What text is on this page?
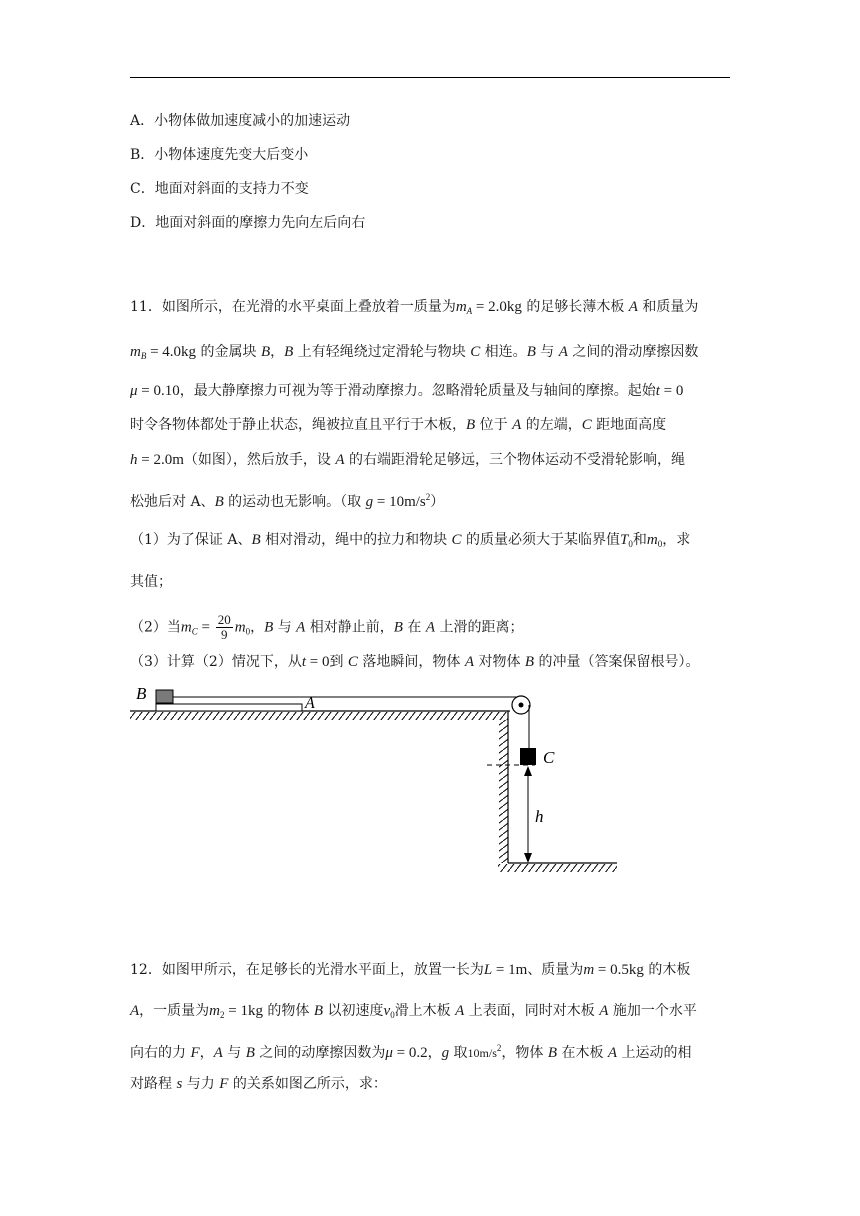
A．小物体做加速度减小的加速运动
B．小物体速度先变大后变小
C．地面对斜面的支持力不变
D．地面对斜面的摩擦力先向左后向右
11．如图所示，在光滑的水平桌面上叠放着一质量为$m_A = 2.0kg$ 的足够长薄木板 A 和质量为
$m_B = 4.0kg$ 的金属块 B，B 上有轻绳绕过定滑轮与物块 C 相连。B 与 A 之间的滑动摩擦因数
μ = 0.10，最大静摩擦力可视为等于滑动摩擦力。忽略滑轮质量及与轴间的摩擦。起始t = 0
时令各物体都处于静止状态，绳被拉直且平行于木板，B 位于 A 的左端，C 距地面高度
h = 2.0m（如图），然后放手，设 A 的右端距滑轮足够远，三个物体运动不受滑轮影响，绳
松弛后对 A、B 的运动也无影响。（取 $g = 10m/s^2$）
（1）为了保证 A、B 相对滑动，绳中的拉力和物块 C 的质量必须大于某临界值$T_0$和$m_0$，求
其值；
（2）当$m_C = \frac{20}{9} m_0$，B 与 A 相对静止前，B 在 A 上滑的距离；
（3）计算（2）情况下，从t = 0到 C 落地瞬间，物体 A 对物体 B 的冲量（答案保留根号）。
B
A
C
h
12．如图甲所示，在足够长的光滑水平面上，放置一长为L = 1m、质量为m = 0.5kg 的木板
A，一质量为$m_2 = 1kg$ 的物体 B 以初速度$v_0$滑上木板 A 上表面，同时对木板 A 施加一个水平
向右的力 F，A 与 B 之间的动摩擦因数为μ = 0.2，g 取$10m/s^2$，物体 B 在木板 A 上运动的相
对路程 s 与力 F 的关系如图乙所示，求：
